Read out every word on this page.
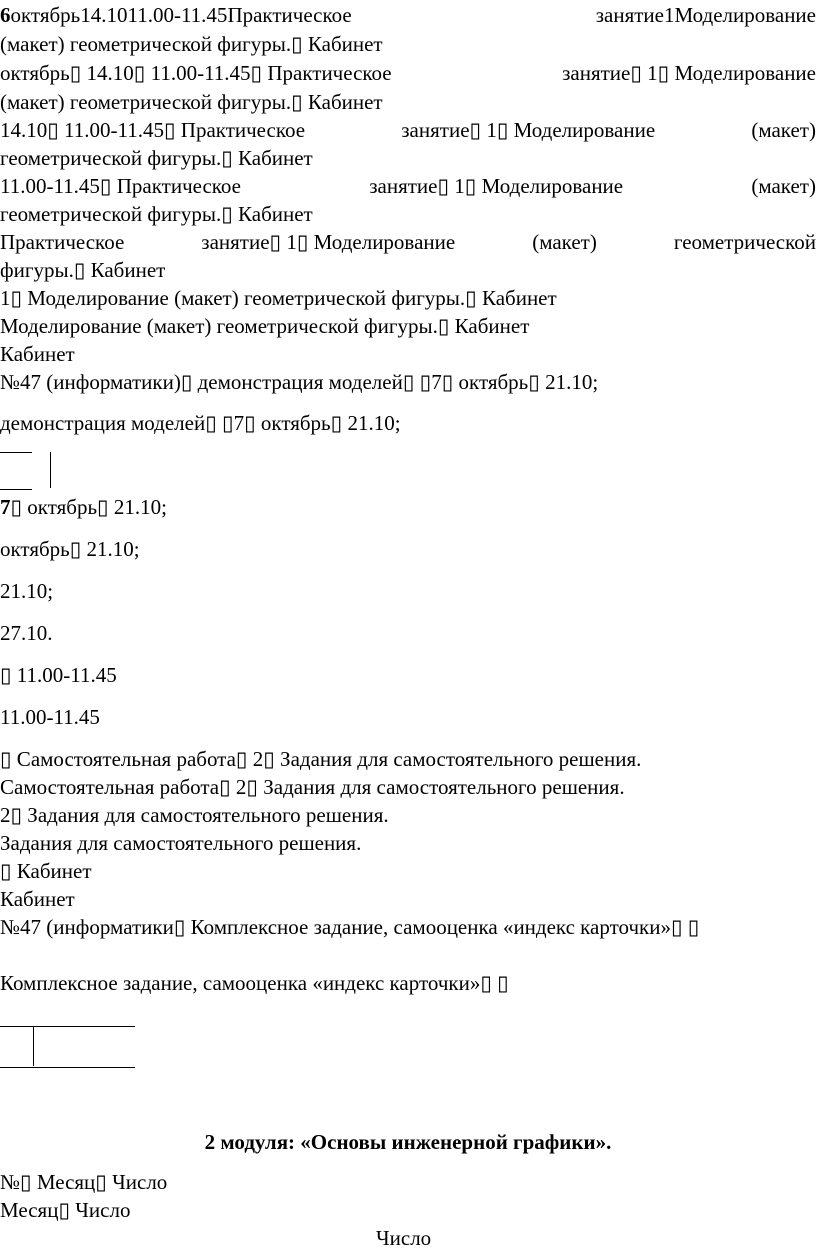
6октябрь14.1011.00-11.45Практическое	занятие1Моделирование
(макет) геометрической фигуры.▯ Кабинет
октябрь▯ 14.10▯ 11.00-11.45▯ Практическое	занятие▯ 1▯ Моделирование
(макет) геометрической фигуры.▯ Кабинет
14.10▯ 11.00-11.45▯ Практическое	занятие▯ 1▯ Моделирование	(макет)
геометрической фигуры.▯ Кабинет
11.00-11.45▯ Практическое	занятие▯ 1▯ Моделирование	(макет)
геометрической фигуры.▯ Кабинет
Практическое	занятие▯ 1▯ Моделирование	(макет)	геометрической
фигуры.▯ Кабинет
1▯ Моделирование (макет) геометрической фигуры.▯ Кабинет
Моделирование (макет) геометрической фигуры.▯ Кабинет
Кабинет
№47 (информатики)▯ демонстрация моделей▯ ▯7▯ октябрь▯ 21.10;
демонстрация моделей▯ ▯7▯ октябрь▯ 21.10;
7▯ октябрь▯ 21.10;
октябрь▯ 21.10;
21.10;
27.10.
▯ 11.00-11.45
11.00-11.45
▯ Самостоятельная работа▯ 2▯ Задания для самостоятельного решения.
Самостоятельная работа▯ 2▯ Задания для самостоятельного решения.
2▯ Задания для самостоятельного решения.
Задания для самостоятельного решения.
▯ Кабинет
Кабинет
№47 (информатики▯ Комплексное задание, самооценка «индекс карточки»▯ ▯
Комплексное задание, самооценка «индекс карточки»▯ ▯
2 модуля: «Основы инженерной графики».
№▯ Месяц▯ Число
Месяц▯ Число
Число
